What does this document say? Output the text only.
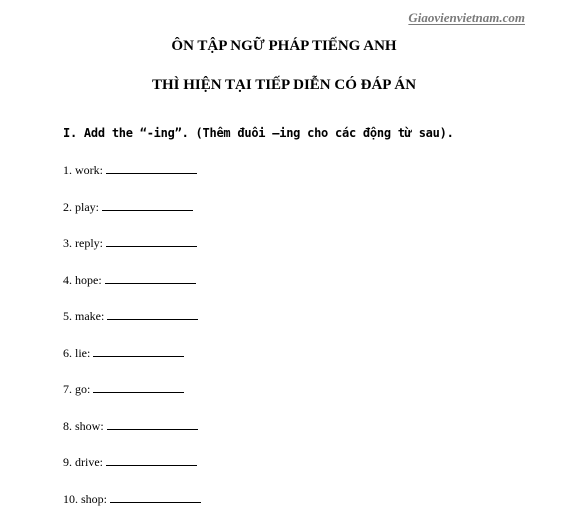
Giaovienvietnam.com
ÔN TẬP NGỮ PHÁP TIẾNG ANH
THÌ HIỆN TẠI TIẾP DIỄN CÓ ĐÁP ÁN
I. Add the “-ing”. (Thêm đuôi –ing cho các động từ sau).
1. work:
2. play:
3. reply:
4. hope:
5. make:
6. lie:
7. go:
8. show:
9. drive:
10. shop:
